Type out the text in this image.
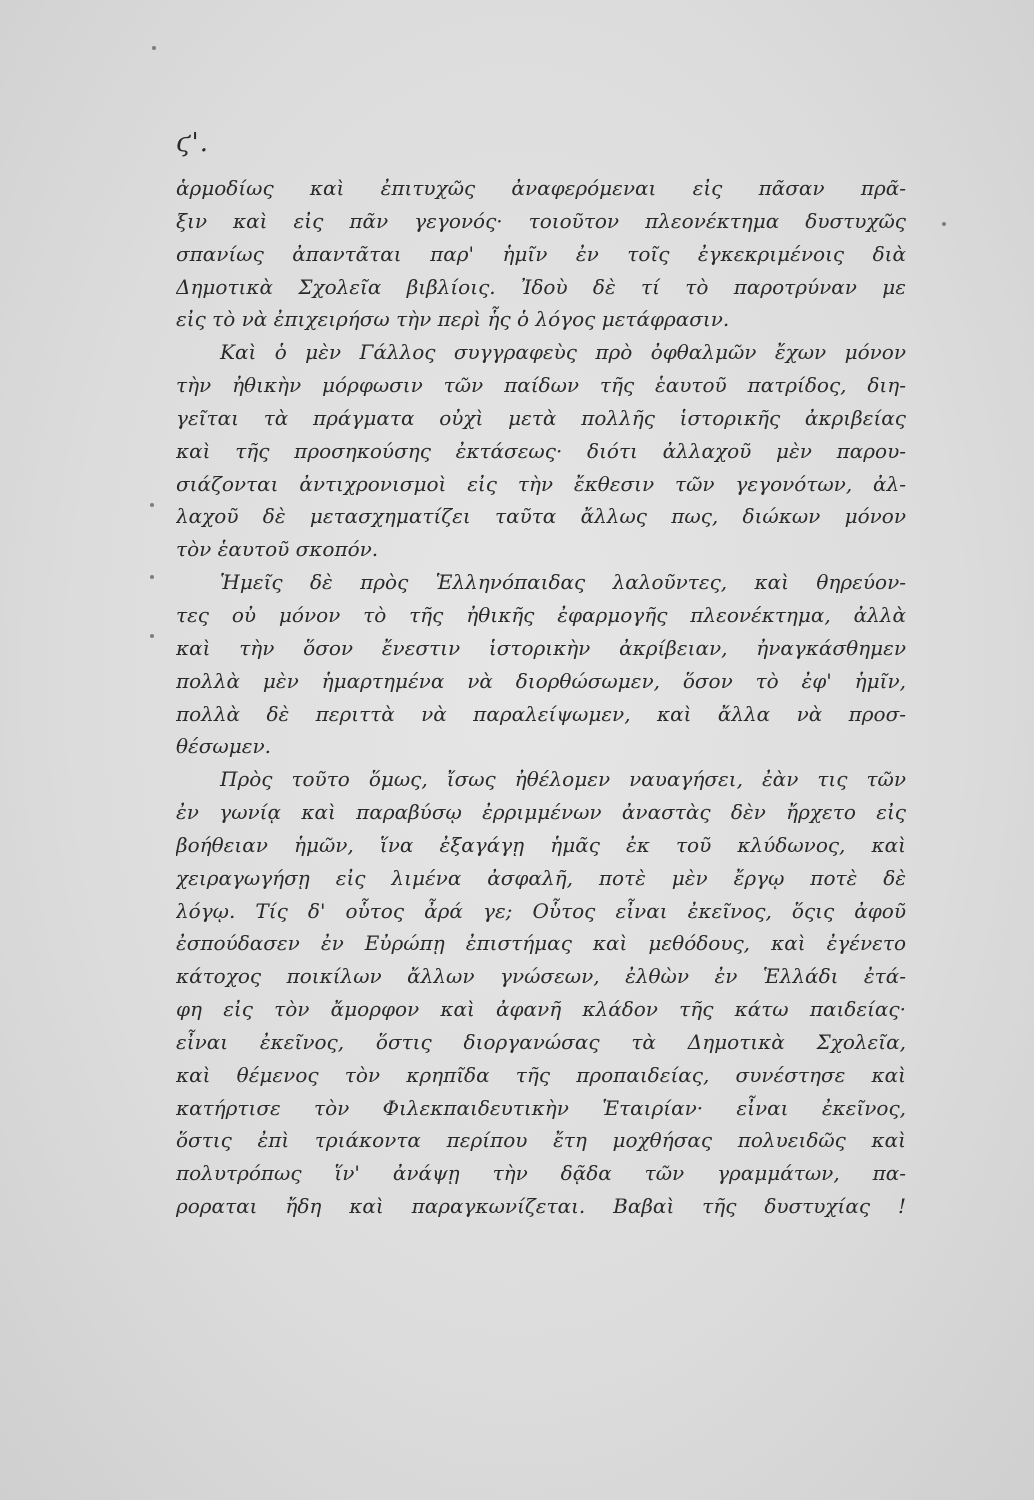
ϛ'.
ἁρμοδίως καὶ ἐπιτυχῶς ἀναφερόμεναι εἰς πᾶσαν πρᾶ-
ξιν καὶ εἰς πᾶν γεγονός· τοιοῦτον πλεονέκτημα δυστυχῶς
σπανίως ἀπαντᾶται παρ' ἡμῖν ἐν τοῖς ἐγκεκριμένοις διὰ
Δημοτικὰ Σχολεῖα βιβλίοις. Ἰδοὺ δὲ τί τὸ παροτρύναν με
εἰς τὸ νὰ ἐπιχειρήσω τὴν περὶ ἧς ὁ λόγος μετάφρασιν.
Καὶ ὁ μὲν Γάλλος συγγραφεὺς πρὸ ὀφθαλμῶν ἔχων μόνον
τὴν ἠθικὴν μόρφωσιν τῶν παίδων τῆς ἑαυτοῦ πατρίδος, διη-
γεῖται τὰ πράγματα οὐχὶ μετὰ πολλῆς ἱστορικῆς ἀκριβείας
καὶ τῆς προσηκούσης ἐκτάσεως· διότι ἀλλαχοῦ μὲν παρου-
σιάζονται ἀντιχρονισμοὶ εἰς τὴν ἔκθεσιν τῶν γεγονότων, ἀλ-
λαχοῦ δὲ μετασχηματίζει ταῦτα ἄλλως πως, διώκων μόνον
τὸν ἑαυτοῦ σκοπόν.
Ἡμεῖς δὲ πρὸς Ἑλληνόπαιδας λαλοῦντες, καὶ θηρεύον-
τες οὐ μόνον τὸ τῆς ἠθικῆς ἐφαρμογῆς πλεονέκτημα, ἀλλὰ
καὶ τὴν ὅσον ἔνεστιν ἱστορικὴν ἀκρίβειαν, ἠναγκάσθημεν
πολλὰ μὲν ἡμαρτημένα νὰ διορθώσωμεν, ὅσον τὸ ἐφ' ἡμῖν,
πολλὰ δὲ περιττὰ νὰ παραλείψωμεν, καὶ ἄλλα νὰ προσ-
θέσωμεν.
Πρὸς τοῦτο ὅμως, ἴσως ἠθέλομεν ναυαγήσει, ἐὰν τις τῶν
ἐν γωνίᾳ καὶ παραβύσῳ ἐρριμμένων ἀναστὰς δὲν ἤρχετο εἰς
βοήθειαν ἡμῶν, ἵνα ἐξαγάγῃ ἡμᾶς ἐκ τοῦ κλύδωνος, καὶ
χειραγωγήσῃ εἰς λιμένα ἀσφαλῆ, ποτὲ μὲν ἔργῳ ποτὲ δὲ
λόγῳ. Τίς δ' οὗτος ἆρά γε; Οὗτος εἶναι ἐκεῖνος, ὅςις ἀφοῦ
ἐσπούδασεν ἐν Εὐρώπῃ ἐπιστήμας καὶ μεθόδους, καὶ ἐγένετο
κάτοχος ποικίλων ἄλλων γνώσεων, ἐλθὼν ἐν Ἑλλάδι ἐτά-
φη εἰς τὸν ἄμορφον καὶ ἀφανῆ κλάδον τῆς κάτω παιδείας·
εἶναι ἐκεῖνος, ὅστις διοργανώσας τὰ Δημοτικὰ Σχολεῖα,
καὶ θέμενος τὸν κρηπῖδα τῆς προπαιδείας, συνέστησε καὶ
κατήρτισε τὸν Φιλεκπαιδευτικὴν Ἑταιρίαν· εἶναι ἐκεῖνος,
ὅστις ἐπὶ τριάκοντα περίπου ἔτη μοχθήσας πολυειδῶς καὶ
πολυτρόπως ἵν' ἀνάψῃ τὴν δᾷδα τῶν γραμμάτων, πα-
ροραται ἤδη καὶ παραγκωνίζεται. Βαβαὶ τῆς δυστυχίας !
